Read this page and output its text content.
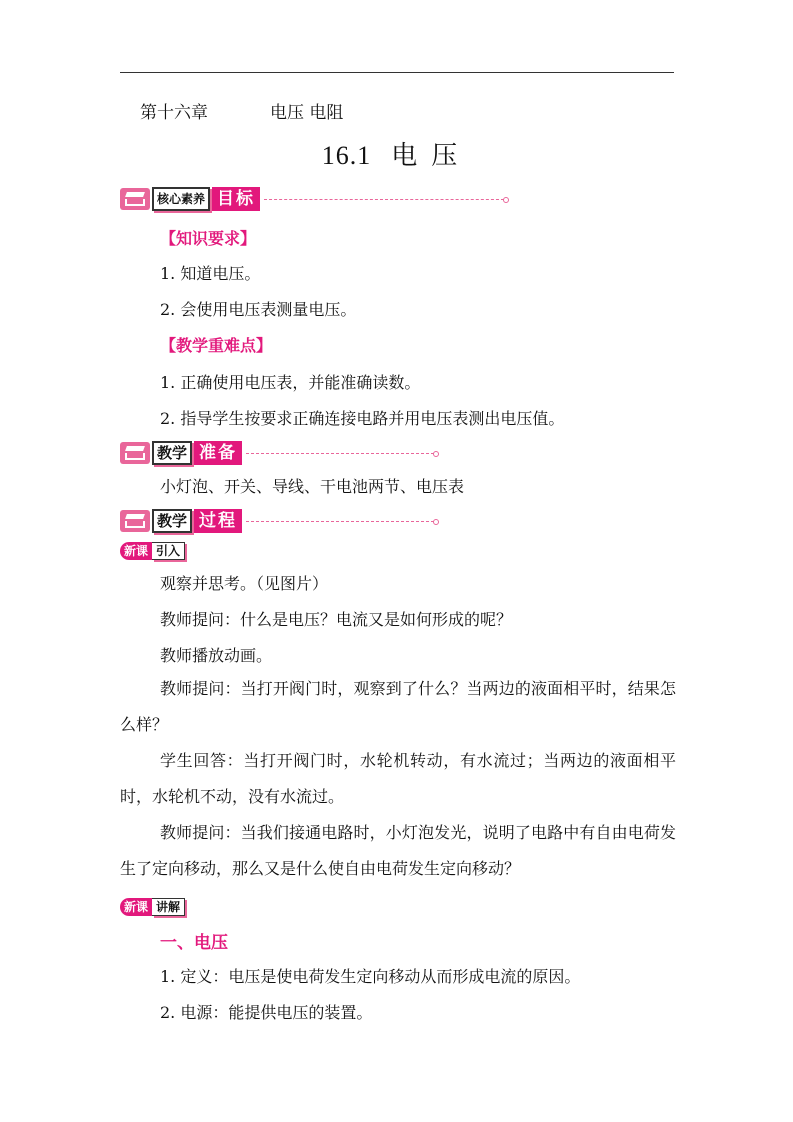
第十六章	电压 电阻
16.1 电压
核心素养 目标
【知识要求】
1. 知道电压。
2. 会使用电压表测量电压。
【教学重难点】
1. 正确使用电压表，并能准确读数。
2. 指导学生按要求正确连接电路并用电压表测出电压值。
教学 准备
小灯泡、开关、导线、干电池两节、电压表
教学 过程
新课 引入
观察并思考。（见图片）
教师提问：什么是电压？电流又是如何形成的呢？
教师播放动画。
教师提问：当打开阀门时，观察到了什么？当两边的液面相平时，结果怎么样？
学生回答：当打开阀门时，水轮机转动，有水流过；当两边的液面相平时，水轮机不动，没有水流过。
教师提问：当我们接通电路时，小灯泡发光，说明了电路中有自由电荷发生了定向移动，那么又是什么使自由电荷发生定向移动？
新课 讲解
一、电压
1. 定义：电压是使电荷发生定向移动从而形成电流的原因。
2. 电源：能提供电压的装置。
